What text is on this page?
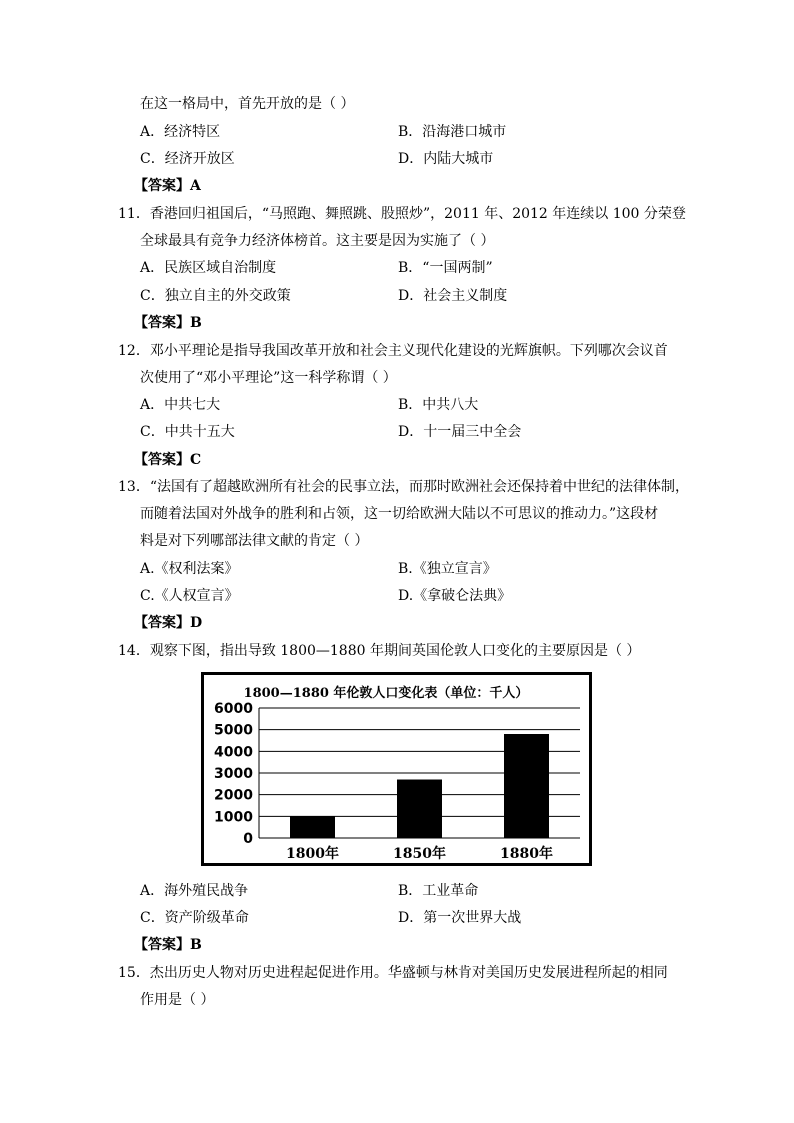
在这一格局中，首先开放的是（ ）
A．经济特区	B．沿海港口城市
C．经济开放区	D．内陆大城市
【答案】A
11．香港回归祖国后，“马照跑、舞照跳、股照炒”，2011 年、2012 年连续以 100 分荣登
全球最具有竞争力经济体榜首。这主要是因为实施了（ ）
A．民族区域自治制度	B．“一国两制”
C．独立自主的外交政策	D．社会主义制度
【答案】B
12．邓小平理论是指导我国改革开放和社会主义现代化建设的光辉旗帜。下列哪次会议首
次使用了“邓小平理论”这一科学称谓（ ）
A．中共七大	B．中共八大
C．中共十五大	D．十一届三中全会
【答案】C
13．“法国有了超越欧洲所有社会的民事立法，而那时欧洲社会还保持着中世纪的法律体制，
而随着法国对外战争的胜利和占领，这一切给欧洲大陆以不可思议的推动力。”这段材
料是对下列哪部法律文献的肯定（ ）
A.《权利法案》	B.《独立宣言》
C.《人权宣言》	D.《拿破仑法典》
【答案】D
14．观察下图，指出导致 1800—1880 年期间英国伦敦人口变化的主要原因是（ ）
1800—1880 年伦敦人口变化表（单位：千人）
0
1000
2000
3000
4000
5000
6000
1800年	1850年	1880年
A．海外殖民战争	B．工业革命
C．资产阶级革命	D．第一次世界大战
【答案】B
15．杰出历史人物对历史进程起促进作用。华盛顿与林肯对美国历史发展进程所起的相同
作用是（ ）
